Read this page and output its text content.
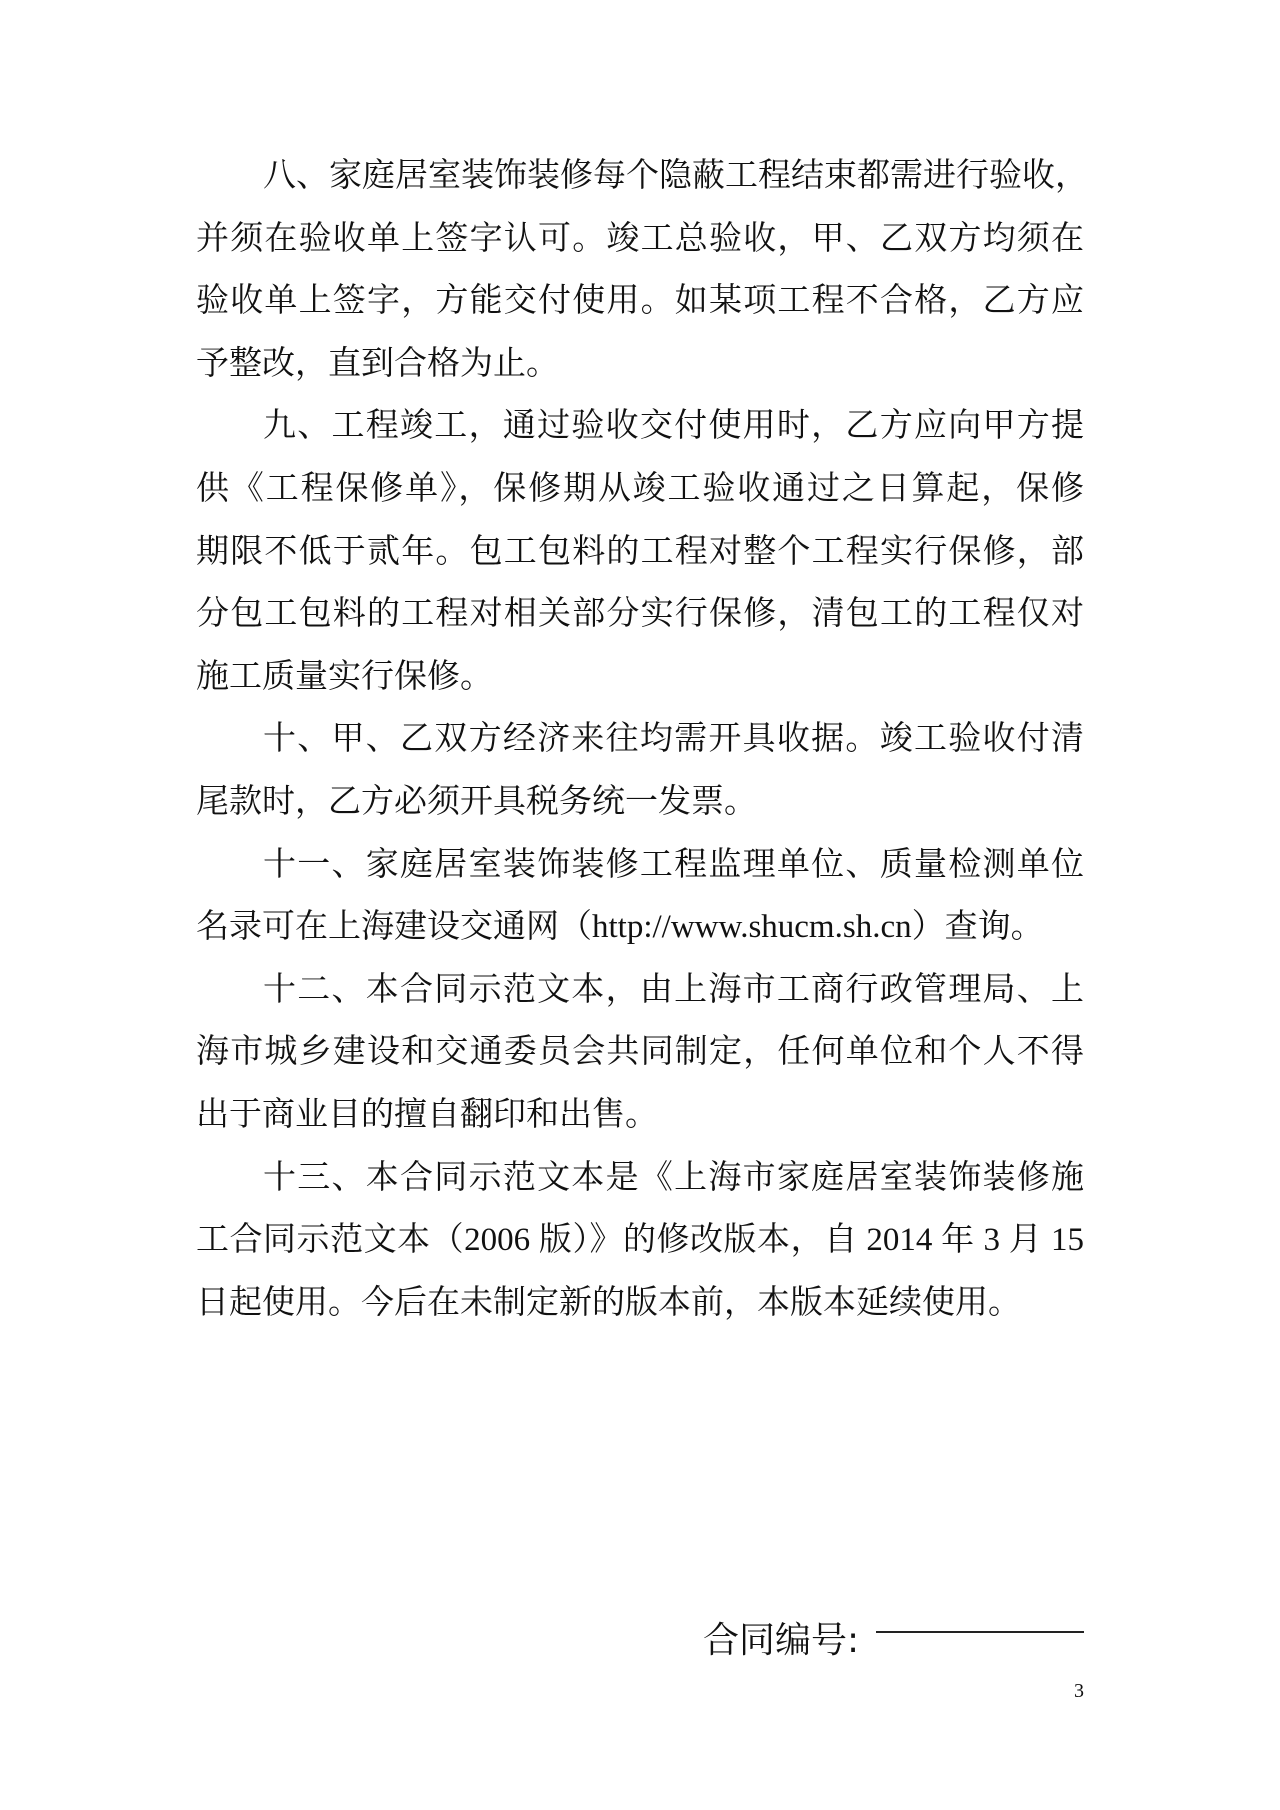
八、家庭居室装饰装修每个隐蔽工程结束都需进行验收，
并须在验收单上签字认可。竣工总验收，甲、乙双方均须在
验收单上签字，方能交付使用。如某项工程不合格，乙方应
予整改，直到合格为止。
九、工程竣工，通过验收交付使用时，乙方应向甲方提
供《工程保修单》，保修期从竣工验收通过之日算起，保修
期限不低于贰年。包工包料的工程对整个工程实行保修，部
分包工包料的工程对相关部分实行保修，清包工的工程仅对
施工质量实行保修。
十、甲、乙双方经济来往均需开具收据。竣工验收付清
尾款时，乙方必须开具税务统一发票。
十一、家庭居室装饰装修工程监理单位、质量检测单位
名录可在上海建设交通网（http://www.shucm.sh.cn）查询。
十二、本合同示范文本，由上海市工商行政管理局、上
海市城乡建设和交通委员会共同制定，任何单位和个人不得
出于商业目的擅自翻印和出售。
十三、本合同示范文本是《上海市家庭居室装饰装修施
工合同示范文本（2006 版）》的修改版本，自 2014 年 3 月 15
日起使用。今后在未制定新的版本前，本版本延续使用。
合同编号:
3
